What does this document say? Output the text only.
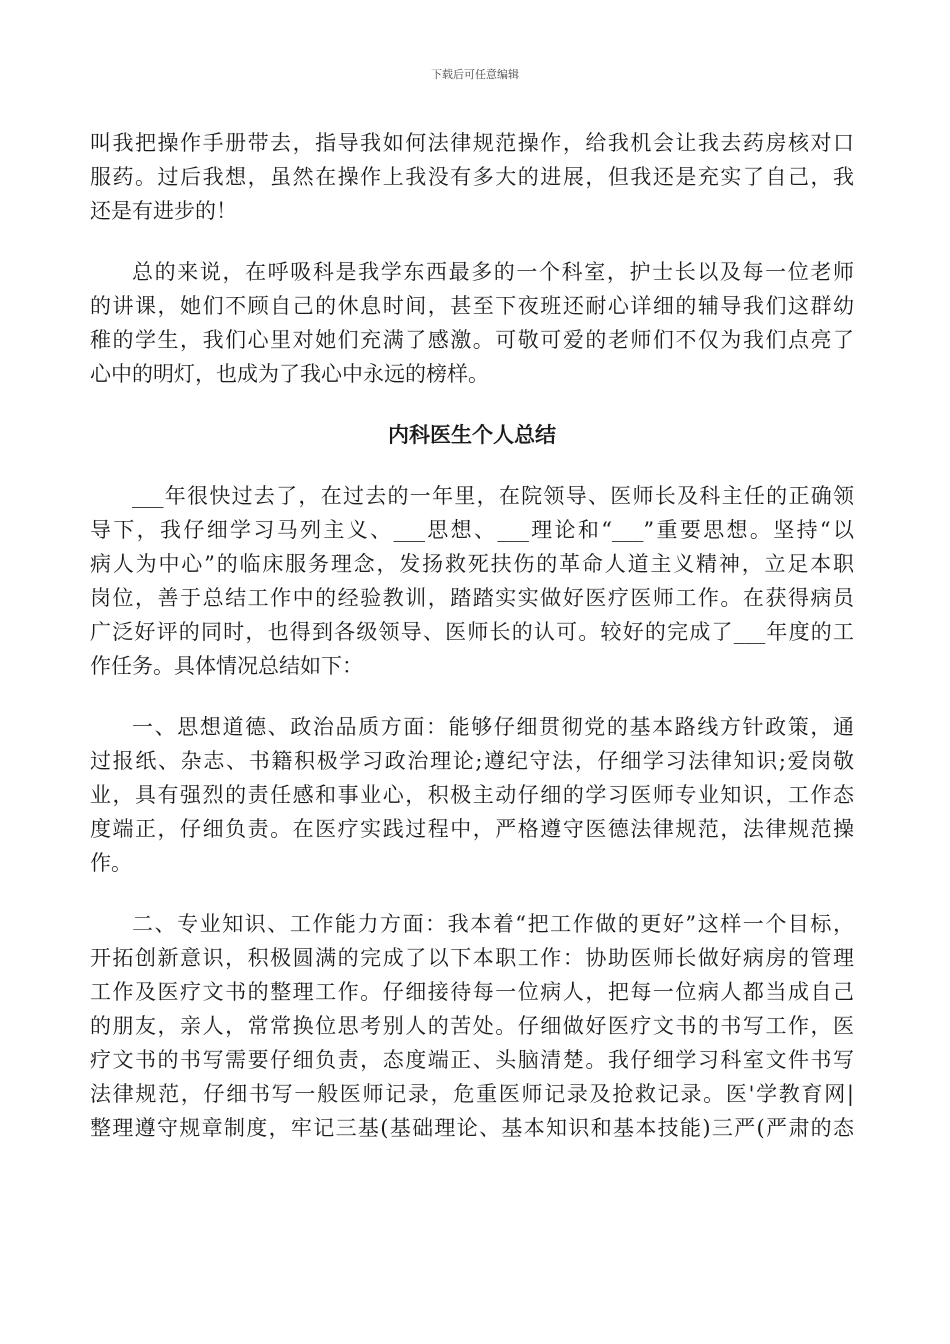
下载后可任意编辑
叫我把操作手册带去，指导我如何法律规范操作，给我机会让我去药房核对口
服药。过后我想，虽然在操作上我没有多大的进展，但我还是充实了自己，我
还是有进步的！
总的来说，在呼吸科是我学东西最多的一个科室，护士长以及每一位老师
的讲课，她们不顾自己的休息时间，甚至下夜班还耐心详细的辅导我们这群幼
稚的学生，我们心里对她们充满了感激。可敬可爱的老师们不仅为我们点亮了
心中的明灯，也成为了我心中永远的榜样。
内科医生个人总结
___年很快过去了，在过去的一年里，在院领导、医师长及科主任的正确领
导下，我仔细学习马列主义、___思想、___理论和“___”重要思想。坚持“以
病人为中心”的临床服务理念，发扬救死扶伤的革命人道主义精神，立足本职
岗位，善于总结工作中的经验教训，踏踏实实做好医疗医师工作。在获得病员
广泛好评的同时，也得到各级领导、医师长的认可。较好的完成了___年度的工
作任务。具体情况总结如下：
一、思想道德、政治品质方面：能够仔细贯彻党的基本路线方针政策，通
过报纸、杂志、书籍积极学习政治理论;遵纪守法，仔细学习法律知识;爱岗敬
业，具有强烈的责任感和事业心，积极主动仔细的学习医师专业知识，工作态
度端正，仔细负责。在医疗实践过程中，严格遵守医德法律规范，法律规范操
作。
二、专业知识、工作能力方面：我本着“把工作做的更好”这样一个目标，
开拓创新意识，积极圆满的完成了以下本职工作：协助医师长做好病房的管理
工作及医疗文书的整理工作。仔细接待每一位病人，把每一位病人都当成自己
的朋友，亲人，常常换位思考别人的苦处。仔细做好医疗文书的书写工作，医
疗文书的书写需要仔细负责，态度端正、头脑清楚。我仔细学习科室文件书写
法律规范，仔细书写一般医师记录，危重医师记录及抢救记录。医'学教育网|
整理遵守规章制度，牢记三基(基础理论、基本知识和基本技能)三严(严肃的态
